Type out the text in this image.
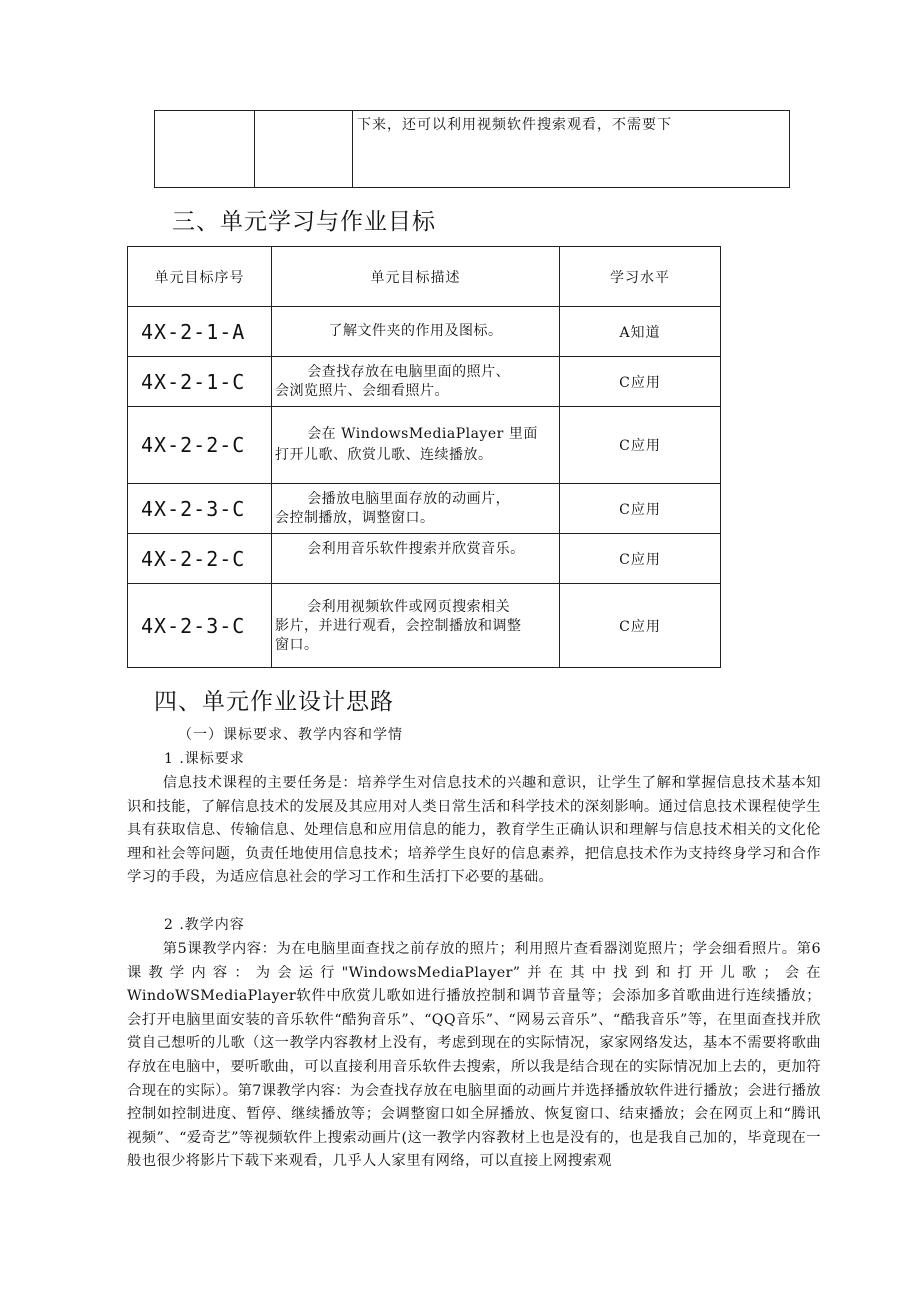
		下来，还可以利用视频软件搜索观看，不需要下
三、单元学习与作业目标
单元目标序号	单元目标描述	学习水平
4X-2-1-A	了解文件夹的作用及图标。	A知道
4X-2-1-C	会查找存放在电脑里面的照片、
会浏览照片、会细看照片。	C应用
4X-2-2-C	会在 WindowsMediaPlayer 里面
打开儿歌、欣赏儿歌、连续播放。	C应用
4X-2-3-C	会播放电脑里面存放的动画片，
会控制播放，调整窗口。	C应用
4X-2-2-C	会利用音乐软件搜索并欣赏音乐。	C应用
4X-2-3-C	会利用视频软件或网页搜索相关
影片，并进行观看，会控制播放和调整
窗口。	C应用
四、单元作业设计思路

（一）课标要求、教学内容和学情

1 .课标要求

信息技术课程的主要任务是：培养学生对信息技术的兴趣和意识，让学生了解和掌握信息技术基本知识和技能，了解信息技术的发展及其应用对人类日常生活和科学技术的深刻影响。通过信息技术课程使学生具有获取信息、传输信息、处理信息和应用信息的能力，教育学生正确认识和理解与信息技术相关的文化伦理和社会等问题，负责任地使用信息技术；培养学生良好的信息素养，把信息技术作为支持终身学习和合作学习的手段，为适应信息社会的学习工作和生活打下必要的基础。

2 .教学内容

第5课教学内容：为在电脑里面查找之前存放的照片；利用照片查看器浏览照片；学会细看照片。第6课教学内容：为会运行"WindowsMediaPlayer”并在其中找到和打开儿歌；会在WindoWSMediaPlayer软件中欣赏儿歌如进行播放控制和调节音量等；会添加多首歌曲进行连续播放；会打开电脑里面安装的音乐软件“酷狗音乐”、“QQ音乐”、“网易云音乐”、“酷我音乐”等，在里面查找并欣赏自己想听的儿歌（这一教学内容教材上没有，考虑到现在的实际情况，家家网络发达，基本不需要将歌曲存放在电脑中，要听歌曲，可以直接利用音乐软件去搜索，所以我是结合现在的实际情况加上去的，更加符合现在的实际）。第7课教学内容：为会查找存放在电脑里面的动画片并选择播放软件进行播放；会进行播放控制如控制进度、暂停、继续播放等；会调整窗口如全屏播放、恢复窗口、结束播放；会在网页上和“腾讯视频”、“爱奇艺”等视频软件上搜索动画片(这一教学内容教材上也是没有的，也是我自己加的，毕竟现在一般也很少将影片下载下来观看，几乎人人家里有网络，可以直接上网搜索观
